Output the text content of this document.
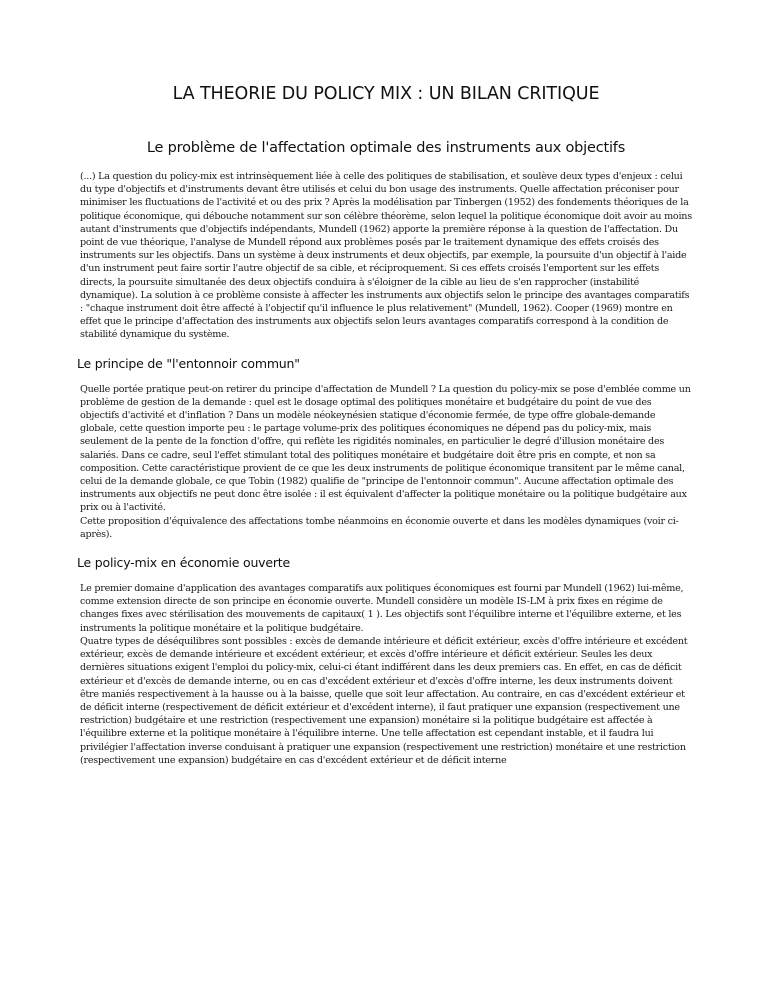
LA THEORIE DU POLICY MIX : UN BILAN CRITIQUE
Le problème de l'affectation optimale des instruments aux objectifs

(...) La question du policy-mix est intrinsèquement liée à celle des politiques de stabilisation, et soulève deux types d'enjeux : celui du type d'objectifs et d'instruments devant être utilisés et celui du bon usage des instruments. Quelle affectation préconiser pour minimiser les fluctuations de l'activité et ou des prix ? Après la modélisation par Tinbergen (1952) des fondements théoriques de la politique économique, qui débouche notamment sur son célèbre théorème, selon lequel la politique économique doit avoir au moins autant d'instruments que d'objectifs indépendants, Mundell (1962) apporte la première réponse à la question de l'affectation. Du point de vue théorique, l'analyse de Mundell répond aux problèmes posés par le traitement dynamique des effets croisés des instruments sur les objectifs. Dans un système à deux instruments et deux objectifs, par exemple, la poursuite d'un objectif à l'aide d'un instrument peut faire sortir l'autre objectif de sa cible, et réciproquement. Si ces effets croisés l'emportent sur les effets directs, la poursuite simultanée des deux objectifs conduira à s'éloigner de la cible au lieu de s'en rapprocher (instabilité dynamique). La solution à ce problème consiste à affecter les instruments aux objectifs selon le principe des avantages comparatifs : "chaque instrument doit être affecté à l'objectif qu'il influence le plus relativement" (Mundell, 1962). Cooper (1969) montre en effet que le principe d'affectation des instruments aux objectifs selon leurs avantages comparatifs correspond à la condition de stabilité dynamique du système.

Le principe de "l'entonnoir commun"

Quelle portée pratique peut-on retirer du principe d'affectation de Mundell ? La question du policy-mix se pose d'emblée comme un problème de gestion de la demande : quel est le dosage optimal des politiques monétaire et budgétaire du point de vue des objectifs d'activité et d'inflation ? Dans un modèle néokeynésien statique d'économie fermée, de type offre globale-demande globale, cette question importe peu : le partage volume-prix des politiques économiques ne dépend pas du policy-mix, mais seulement de la pente de la fonction d'offre, qui reflète les rigidités nominales, en particulier le degré d'illusion monétaire des salariés. Dans ce cadre, seul l'effet stimulant total des politiques monétaire et budgétaire doit être pris en compte, et non sa composition. Cette caractéristique provient de ce que les deux instruments de politique économique transitent par le même canal, celui de la demande globale, ce que Tobin (1982) qualifie de "principe de l'entonnoir commun". Aucune affectation optimale des instruments aux objectifs ne peut donc être isolée : il est équivalent d'affecter la politique monétaire ou la politique budgétaire aux prix ou à l'activité.

Cette proposition d'équivalence des affectations tombe néanmoins en économie ouverte et dans les modèles dynamiques (voir ci-après).

Le policy-mix en économie ouverte

Le premier domaine d'application des avantages comparatifs aux politiques économiques est fourni par Mundell (1962) lui-même, comme extension directe de son principe en économie ouverte. Mundell considère un modèle IS-LM à prix fixes en régime de changes fixes avec stérilisation des mouvements de capitaux( 1 ). Les objectifs sont l'équilibre interne et l'équilibre externe, et les instruments la politique monétaire et la politique budgétaire.

Quatre types de déséquilibres sont possibles : excès de demande intérieure et déficit extérieur, excès d'offre intérieure et excédent extérieur, excès de demande intérieure et excédent extérieur, et excès d'offre intérieure et déficit extérieur. Seules les deux dernières situations exigent l'emploi du policy-mix, celui-ci étant indifférent dans les deux premiers cas. En effet, en cas de déficit extérieur et d'excès de demande interne, ou en cas d'excédent extérieur et d'excès d'offre interne, les deux instruments doivent être maniés respectivement à la hausse ou à la baisse, quelle que soit leur affectation. Au contraire, en cas d'excédent extérieur et de déficit interne (respectivement de déficit extérieur et d'excédent interne), il faut pratiquer une expansion (respectivement une restriction) budgétaire et une restriction (respectivement une expansion) monétaire si la politique budgétaire est affectée à l'équilibre externe et la politique monétaire à l'équilibre interne. Une telle affectation est cependant instable, et il faudra lui privilégier l'affectation inverse conduisant à pratiquer une expansion (respectivement une restriction) monétaire et une restriction (respectivement une expansion) budgétaire en cas d'excédent extérieur et de déficit interne
